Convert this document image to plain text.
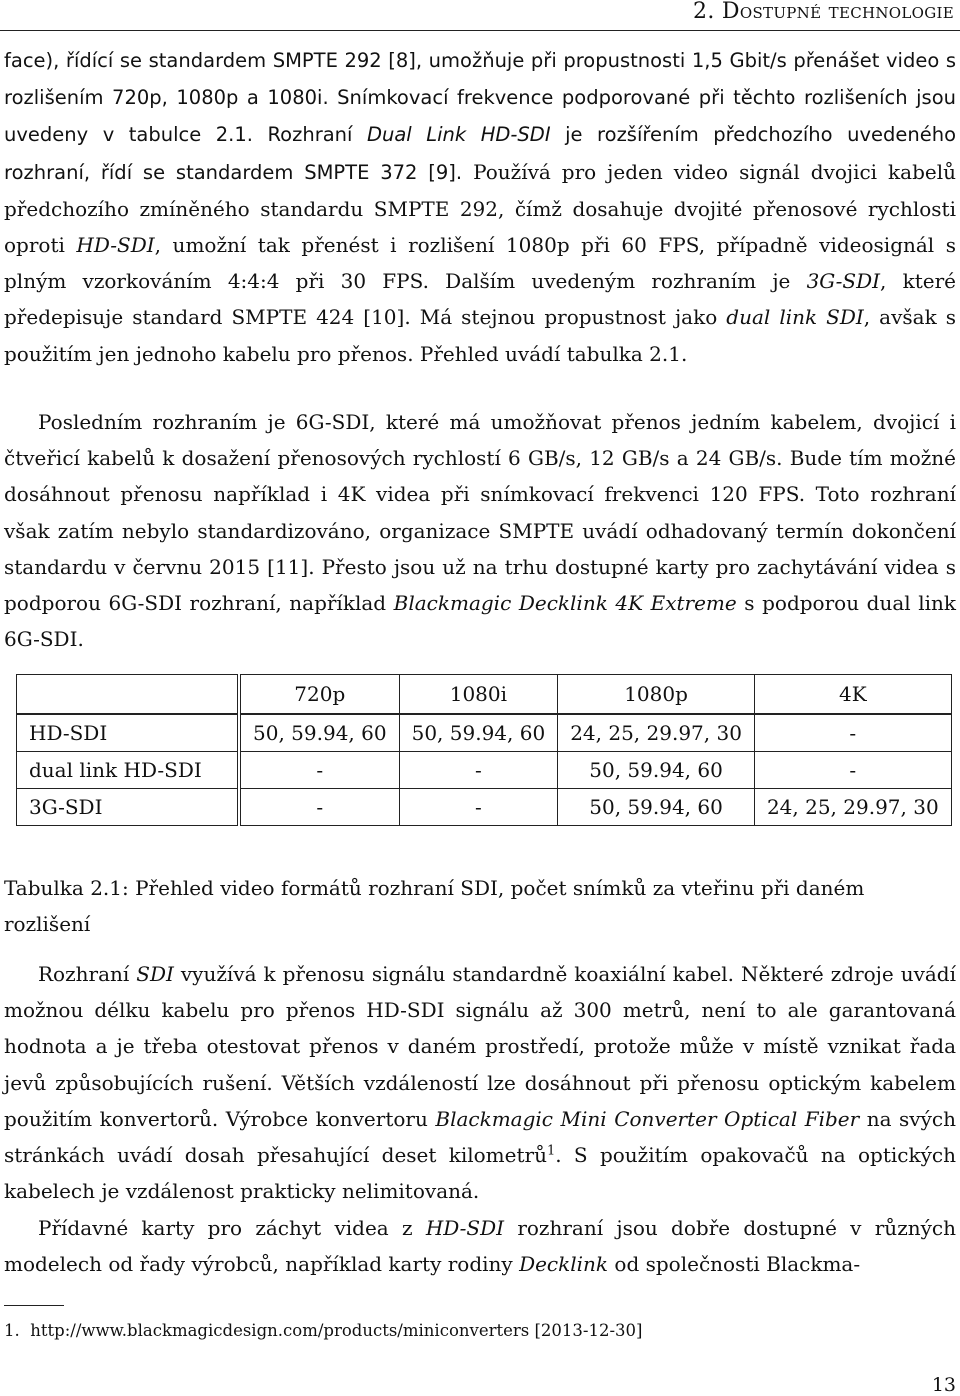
2. Dostupné technologie

face), řídící se standardem SMPTE 292 [8], umožňuje při propustnosti 1,5 Gbit/s přenášet video s rozlišením 720p, 1080p a 1080i. Snímkovací frekvence podporované při těchto rozlišeních jsou uvedeny v tabulce 2.1. Rozhraní Dual Link HD-SDI je rozšířením předchozího uvedeného rozhraní, řídí se standardem SMPTE 372 [9]. Používá pro jeden video signál dvojici kabelů předchozího zmíněného standardu SMPTE 292, čímž dosahuje dvojité přenosové rychlosti oproti HD-SDI, umožní tak přenést i rozlišení 1080p při 60 FPS, případně videosignál s plným vzorkováním 4:4:4 při 30 FPS. Dalším uvedeným rozhraním je 3G-SDI, které předepisuje standard SMPTE 424 [10]. Má stejnou propustnost jako dual link SDI, avšak s použitím jen jednoho kabelu pro přenos. Přehled uvádí tabulka 2.1.

Posledním rozhraním je 6G-SDI, které má umožňovat přenos jedním kabelem, dvojicí i čtveřicí kabelů k dosažení přenosových rychlostí 6 GB/s, 12 GB/s a 24 GB/s. Bude tím možné dosáhnout přenosu například i 4K videa při snímkovací frekvenci 120 FPS. Toto rozhraní však zatím nebylo standardizováno, organizace SMPTE uvádí odhadovaný termín dokončení standardu v červnu 2015 [11]. Přesto jsou už na trhu dostupné karty pro zachytávání videa s podporou 6G-SDI rozhraní, například Blackmagic Decklink 4K Extreme s podporou dual link 6G-SDI.

	720p	1080i	1080p	4K
HD-SDI	50, 59.94, 60	50, 59.94, 60	24, 25, 29.97, 30	-
dual link HD-SDI	-	-	50, 59.94, 60	-
3G-SDI	-	-	50, 59.94, 60	24, 25, 29.97, 30
Tabulka 2.1: Přehled video formátů rozhraní SDI, počet snímků za vteřinu při daném rozlišení

Rozhraní SDI využívá k přenosu signálu standardně koaxiální kabel. Některé zdroje uvádí možnou délku kabelu pro přenos HD-SDI signálu až 300 metrů, není to ale garantovaná hodnota a je třeba otestovat přenos v daném prostředí, protože může v místě vznikat řada jevů způsobujících rušení. Větších vzdáleností lze dosáhnout při přenosu optickým kabelem použitím konvertorů. Výrobce konvertoru Blackmagic Mini Converter Optical Fiber na svých stránkách uvádí dosah přesahující deset kilometrů$^1$. S použitím opakovačů na optických kabelech je vzdálenost prakticky nelimitovaná.

Přídavné karty pro záchyt videa z HD-SDI rozhraní jsou dobře dostupné v různých modelech od řady výrobců, například karty rodiny Decklink od společnosti Blackma-

1. http://www.blackmagicdesign.com/products/miniconverters [2013-12-30]
13
